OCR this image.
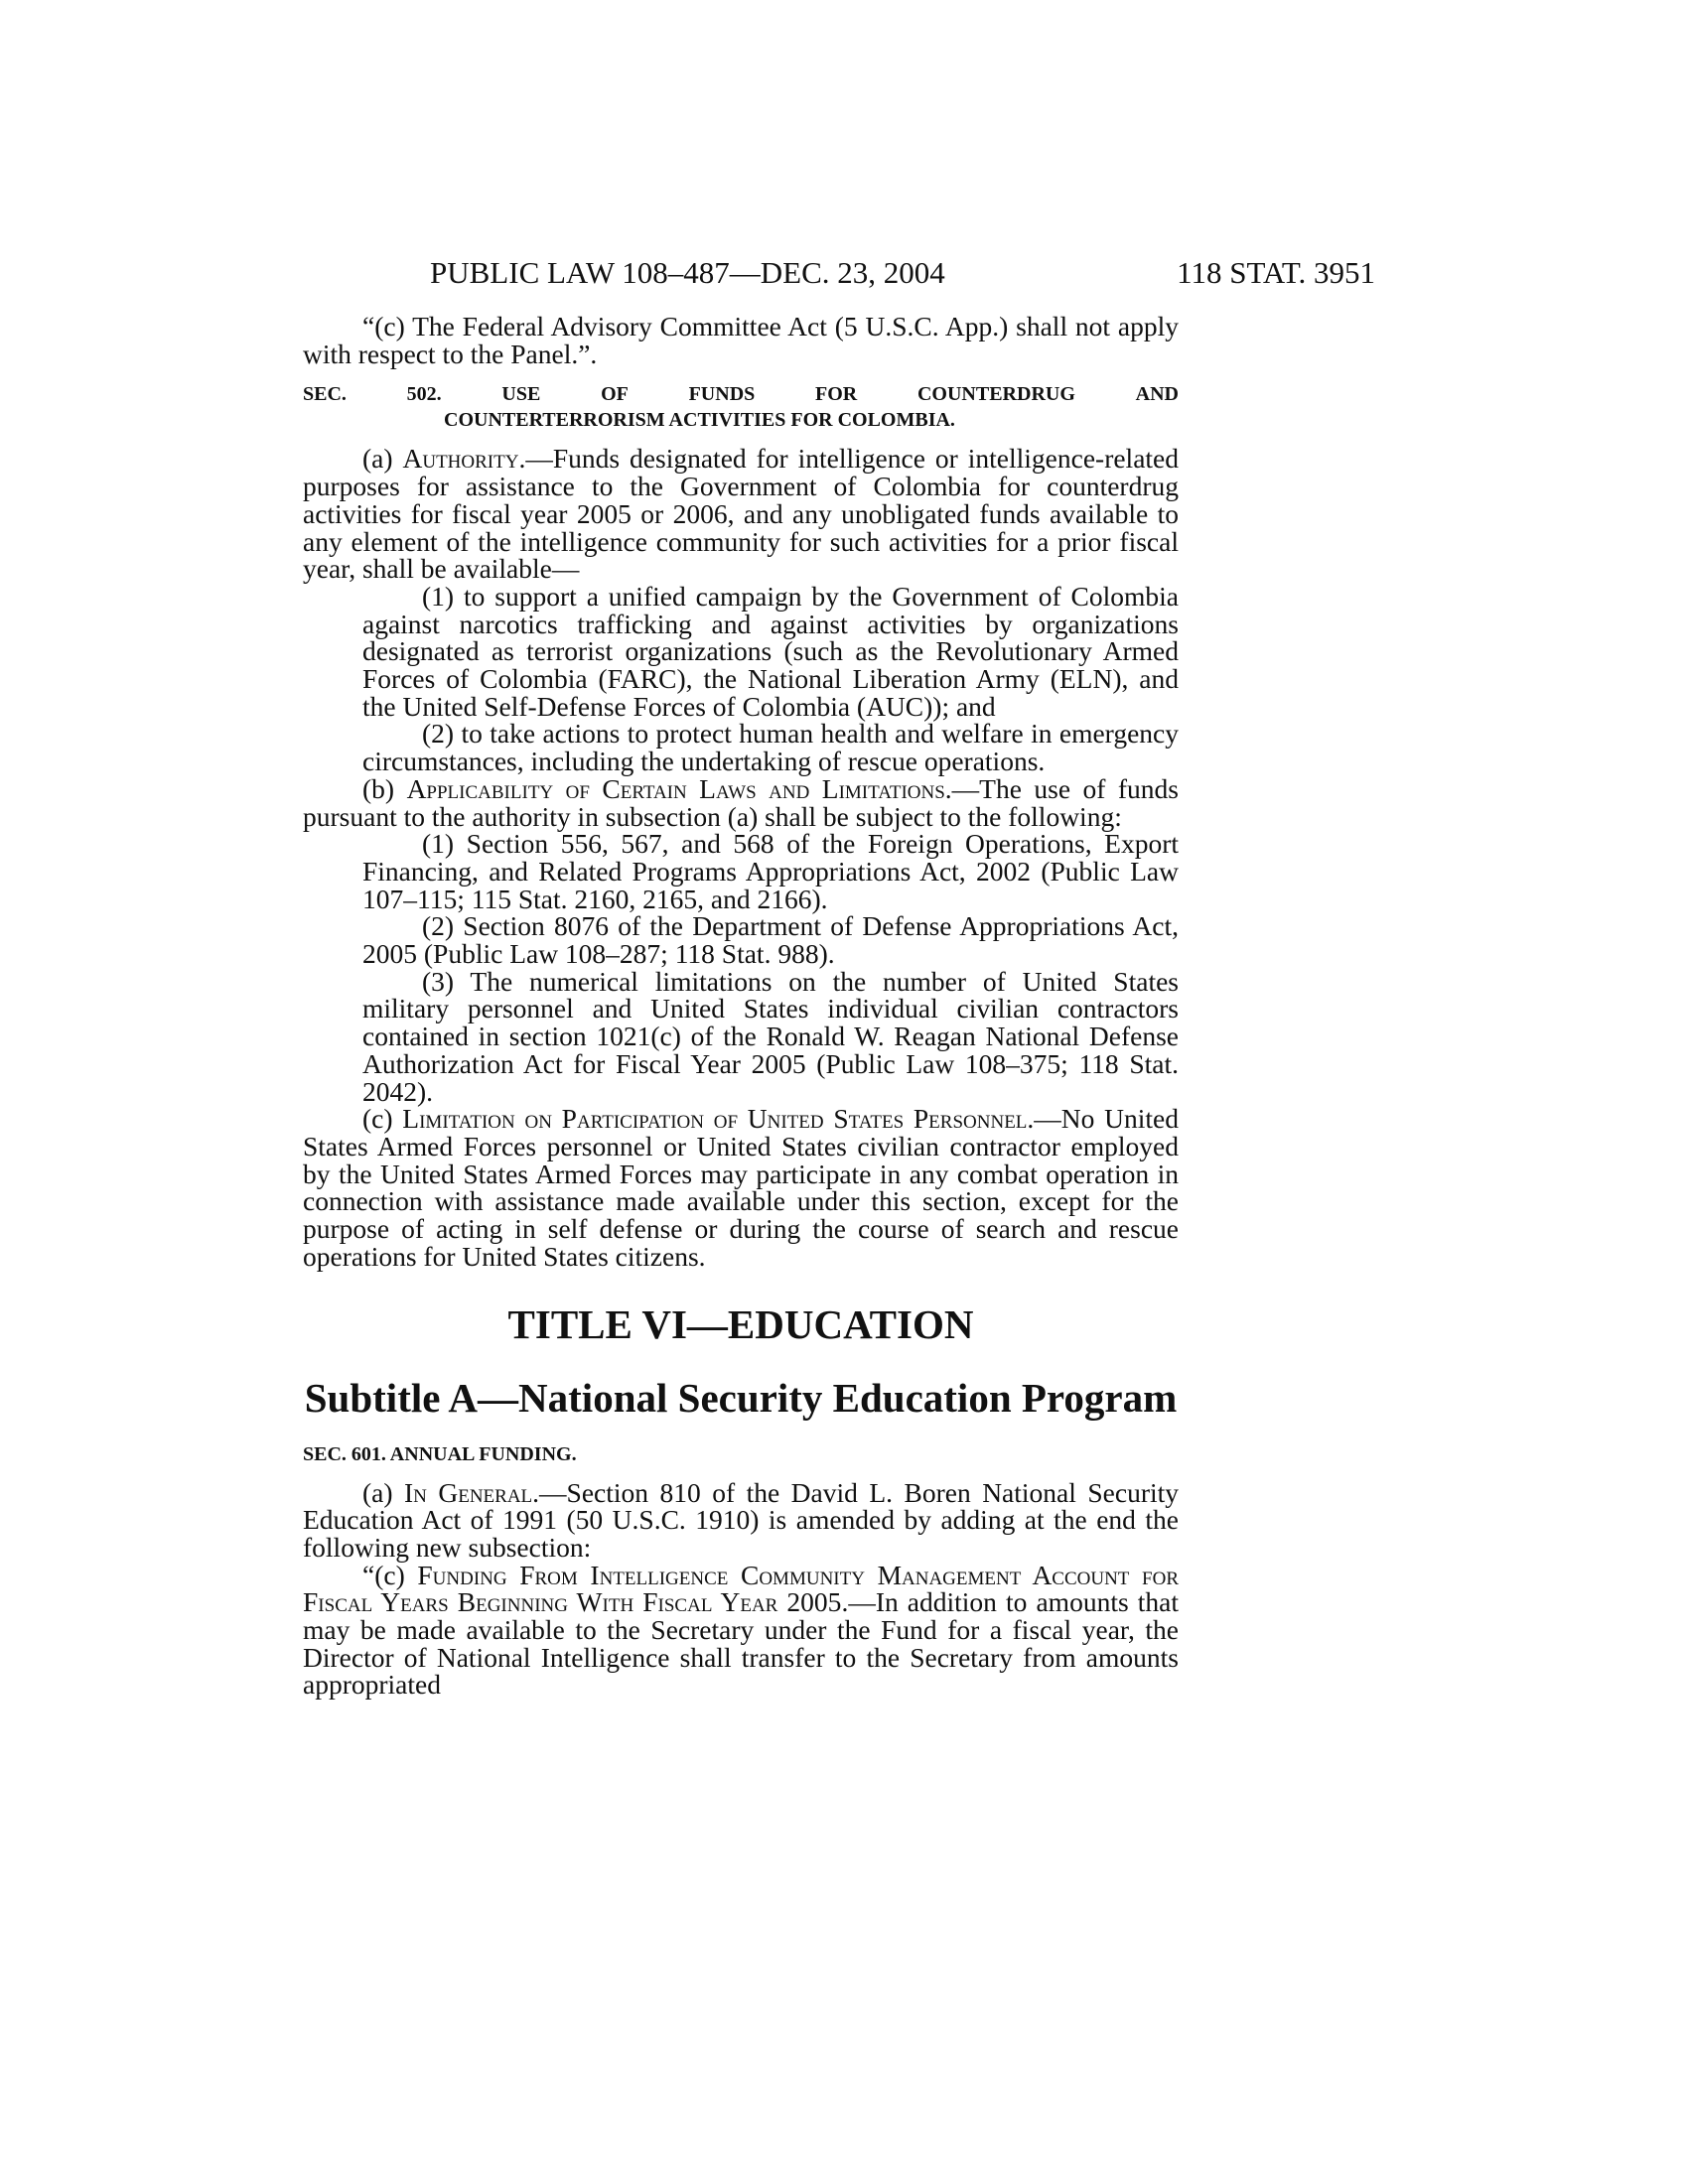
PUBLIC LAW 108–487—DEC. 23, 2004	118 STAT. 3951

“(c) The Federal Advisory Committee Act (5 U.S.C. App.) shall not apply with respect to the Panel.”.

SEC.	502.	USE	OF	FUNDS	FOR	COUNTERDRUG	AND
COUNTERTERRORISM ACTIVITIES FOR COLOMBIA.

(a) Authority.—Funds designated for intelligence or intelligence-related purposes for assistance to the Government of Colombia for counterdrug activities for fiscal year 2005 or 2006, and any unobligated funds available to any element of the intelligence community for such activities for a prior fiscal year, shall be available—

(1) to support a unified campaign by the Government of Colombia against narcotics trafficking and against activities by organizations designated as terrorist organizations (such as the Revolutionary Armed Forces of Colombia (FARC), the National Liberation Army (ELN), and the United Self-Defense Forces of Colombia (AUC)); and

(2) to take actions to protect human health and welfare in emergency circumstances, including the undertaking of rescue operations.

(b) Applicability of Certain Laws and Limitations.—The use of funds pursuant to the authority in subsection (a) shall be subject to the following:

(1) Section 556, 567, and 568 of the Foreign Operations, Export Financing, and Related Programs Appropriations Act, 2002 (Public Law 107–115; 115 Stat. 2160, 2165, and 2166).

(2) Section 8076 of the Department of Defense Appropriations Act, 2005 (Public Law 108–287; 118 Stat. 988).

(3) The numerical limitations on the number of United States military personnel and United States individual civilian contractors contained in section 1021(c) of the Ronald W. Reagan National Defense Authorization Act for Fiscal Year 2005 (Public Law 108–375; 118 Stat. 2042).

(c) Limitation on Participation of United States Personnel.—No United States Armed Forces personnel or United States civilian contractor employed by the United States Armed Forces may participate in any combat operation in connection with assistance made available under this section, except for the purpose of acting in self defense or during the course of search and rescue operations for United States citizens.

TITLE VI—EDUCATION
Subtitle A—National Security Education Program
SEC. 601. ANNUAL FUNDING.

(a) In General.—Section 810 of the David L. Boren National Security Education Act of 1991 (50 U.S.C. 1910) is amended by adding at the end the following new subsection:

“(c) Funding From Intelligence Community Management Account for Fiscal Years Beginning With Fiscal Year 2005.—In addition to amounts that may be made available to the Secretary under the Fund for a fiscal year, the Director of National Intelligence shall transfer to the Secretary from amounts appropriated
